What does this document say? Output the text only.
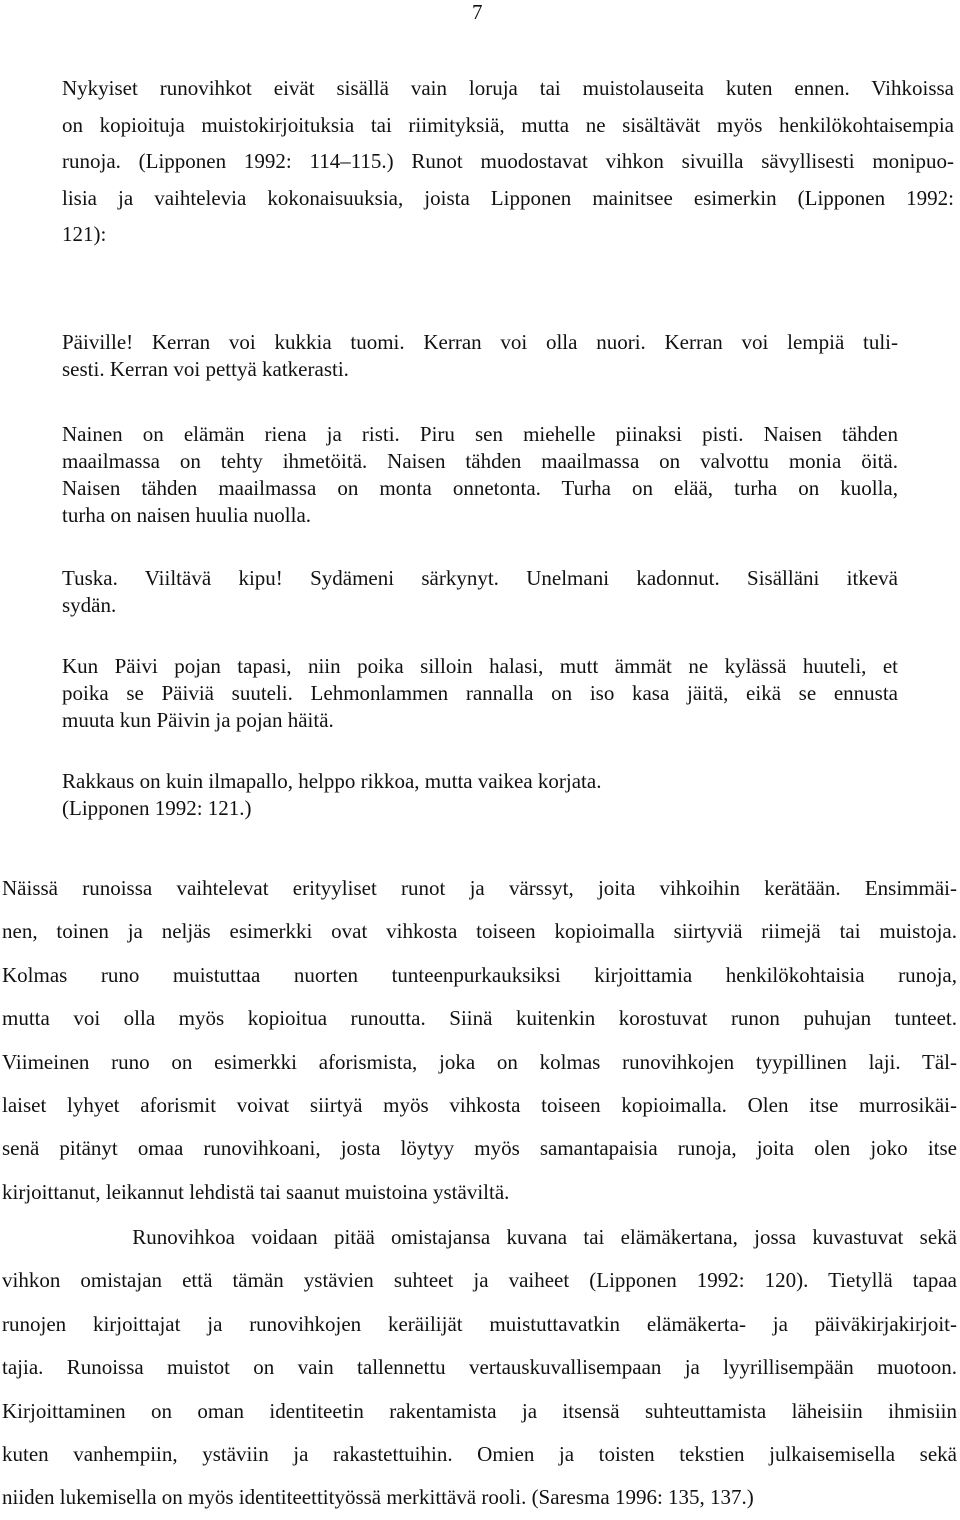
7
Nykyiset runovihkot eivät sisällä vain loruja tai muistolauseita kuten ennen. Vihkoissa
on kopioituja muistokirjoituksia tai riimityksiä, mutta ne sisältävät myös henkilökohtaisempia
runoja. (Lipponen 1992: 114–115.) Runot muodostavat vihkon sivuilla sävyllisesti monipuo-
lisia ja vaihtelevia kokonaisuuksia, joista Lipponen mainitsee esimerkin (Lipponen 1992:
121):
Päiville! Kerran voi kukkia tuomi. Kerran voi olla nuori. Kerran voi lempiä tuli-
sesti. Kerran voi pettyä katkerasti.
Nainen on elämän riena ja risti. Piru sen miehelle piinaksi pisti. Naisen tähden
maailmassa on tehty ihmetöitä. Naisen tähden maailmassa on valvottu monia öitä.
Naisen tähden maailmassa on monta onnetonta. Turha on elää, turha on kuolla,
turha on naisen huulia nuolla.
Tuska. Viiltävä kipu! Sydämeni särkynyt. Unelmani kadonnut. Sisälläni itkevä
sydän.
Kun Päivi pojan tapasi, niin poika silloin halasi, mutt ämmät ne kylässä huuteli, et
poika se Päiviä suuteli. Lehmonlammen rannalla on iso kasa jäitä, eikä se ennusta
muuta kun Päivin ja pojan häitä.
Rakkaus on kuin ilmapallo, helppo rikkoa, mutta vaikea korjata.
(Lipponen 1992: 121.)
Näissä runoissa vaihtelevat erityyliset runot ja värssyt, joita vihkoihin kerätään. Ensimmäi-
nen, toinen ja neljäs esimerkki ovat vihkosta toiseen kopioimalla siirtyviä riimejä tai muistoja.
Kolmas runo muistuttaa nuorten tunteenpurkauksiksi kirjoittamia henkilökohtaisia runoja,
mutta voi olla myös kopioitua runoutta. Siinä kuitenkin korostuvat runon puhujan tunteet.
Viimeinen runo on esimerkki aforismista, joka on kolmas runovihkojen tyypillinen laji. Täl-
laiset lyhyet aforismit voivat siirtyä myös vihkosta toiseen kopioimalla. Olen itse murrosikäi-
senä pitänyt omaa runovihkoani, josta löytyy myös samantapaisia runoja, joita olen joko itse
kirjoittanut, leikannut lehdistä tai saanut muistoina ystäviltä.
Runovihkoa voidaan pitää omistajansa kuvana tai elämäkertana, jossa kuvastuvat sekä
vihkon omistajan että tämän ystävien suhteet ja vaiheet (Lipponen 1992: 120). Tietyllä tapaa
runojen kirjoittajat ja runovihkojen keräilijät muistuttavatkin elämäkerta- ja päiväkirjakirjoit-
tajia. Runoissa muistot on vain tallennettu vertauskuvallisempaan ja lyyrillisempään muotoon.
Kirjoittaminen on oman identiteetin rakentamista ja itsensä suhteuttamista läheisiin ihmisiin
kuten vanhempiin, ystäviin ja rakastettuihin. Omien ja toisten tekstien julkaisemisella sekä
niiden lukemisella on myös identiteettityössä merkittävä rooli. (Saresma 1996: 135, 137.)
